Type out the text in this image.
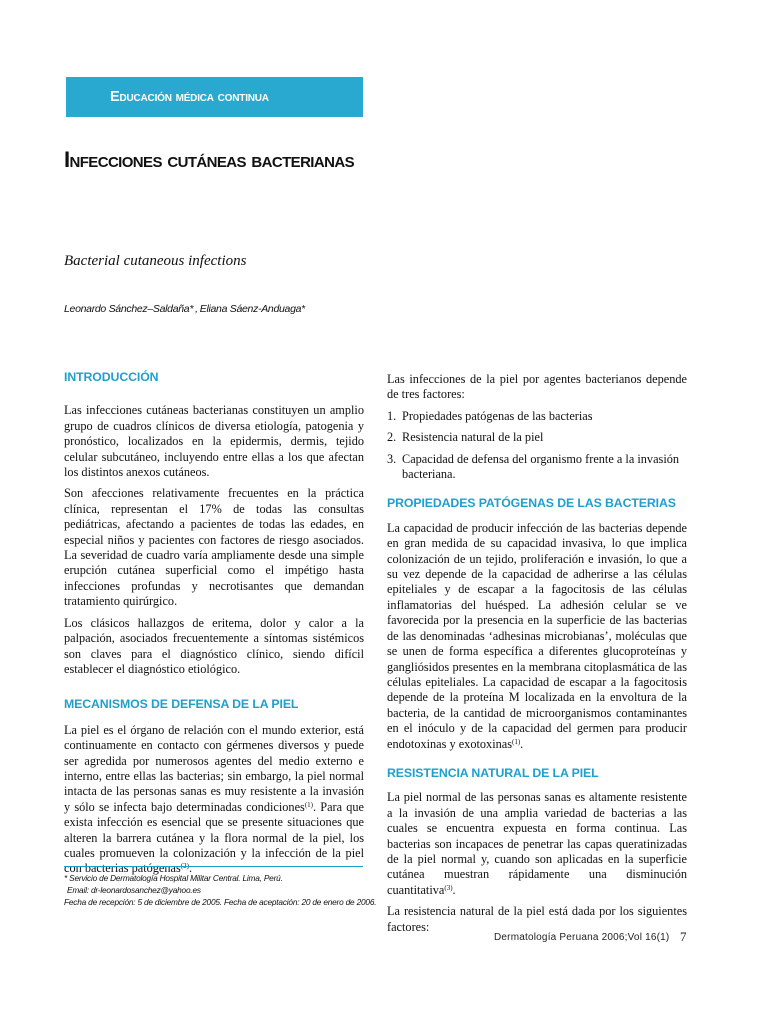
Educación médica continua
Infecciones cutáneas bacterianas

Bacterial cutaneous infections

Leonardo Sánchez–Saldaña* , Eliana Sáenz-Anduaga*

INTRODUCCIÓN

Las infecciones cutáneas bacterianas constituyen un amplio grupo de cuadros clínicos de diversa etiología, patogenia y pronóstico, localizados en la epidermis, dermis, tejido celular subcutáneo, incluyendo entre ellas a los que afectan los distintos anexos cutáneos.

Son afecciones relativamente frecuentes en la práctica clínica, representan el 17% de todas las consultas pediátricas, afectando a pacientes de todas las edades, en especial niños y pacientes con factores de riesgo asociados. La severidad de cuadro varía ampliamente desde una simple erupción cutánea superficial como el impétigo hasta infecciones profundas y necrotisantes que demandan tratamiento quirúrgico.

Los clásicos hallazgos de eritema, dolor y calor a la palpación, asociados frecuentemente a síntomas sistémicos son claves para el diagnóstico clínico, siendo difícil establecer el diagnóstico etiológico.

MECANISMOS DE DEFENSA DE LA PIEL

La piel es el órgano de relación con el mundo exterior, está continuamente en contacto con gérmenes diversos y puede ser agredida por numerosos agentes del medio externo e interno, entre ellas las bacterias; sin embargo, la piel normal intacta de las personas sanas es muy resistente a la invasión y sólo se infecta bajo determinadas condiciones$^{(1)}$. Para que exista infección es esencial que se presente situaciones que alteren la barrera cutánea y la flora normal de la piel, los cuales promueven la colonización y la infección de la piel con bacterias patógenas$^{(2)}$.

* Servicio de Dermatología Hospital Militar Central. Lima, Perú.
Email: dr-leonardosanchez@yahoo.es
Fecha de recepción: 5 de diciembre de 2005. Fecha de aceptación: 20 de enero de 2006.

Las infecciones de la piel por agentes bacterianos depende de tres factores:

1. Propiedades patógenas de las bacterias
2. Resistencia natural de la piel
3. Capacidad de defensa del organismo frente a la invasión bacteriana.
PROPIEDADES PATÓGENAS DE LAS BACTERIAS

La capacidad de producir infección de las bacterias depende en gran medida de su capacidad invasiva, lo que implica colonización de un tejido, proliferación e invasión, lo que a su vez depende de la capacidad de adherirse a las células epiteliales y de escapar a la fagocitosis de las células inflamatorias del huésped. La adhesión celular se ve favorecida por la presencia en la superficie de las bacterias de las denominadas ‘adhesinas microbianas’, moléculas que se unen de forma específica a diferentes glucoproteínas y gangliósidos presentes en la membrana citoplasmática de las células epiteliales. La capacidad de escapar a la fagocitosis depende de la proteína M localizada en la envoltura de la bacteria, de la cantidad de microorganismos contaminantes en el inóculo y de la capacidad del germen para producir endotoxinas y exotoxinas$^{(1)}$.

RESISTENCIA NATURAL DE LA PIEL

La piel normal de las personas sanas es altamente resistente a la invasión de una amplia variedad de bacterias a las cuales se encuentra expuesta en forma continua. Las bacterias son incapaces de penetrar las capas queratinizadas de la piel normal y, cuando son aplicadas en la superficie cutánea muestran rápidamente una disminución cuantitativa$^{(3)}$.

La resistencia natural de la piel está dada por los siguientes factores:

Dermatología Peruana 2006;Vol 16(1) 7
